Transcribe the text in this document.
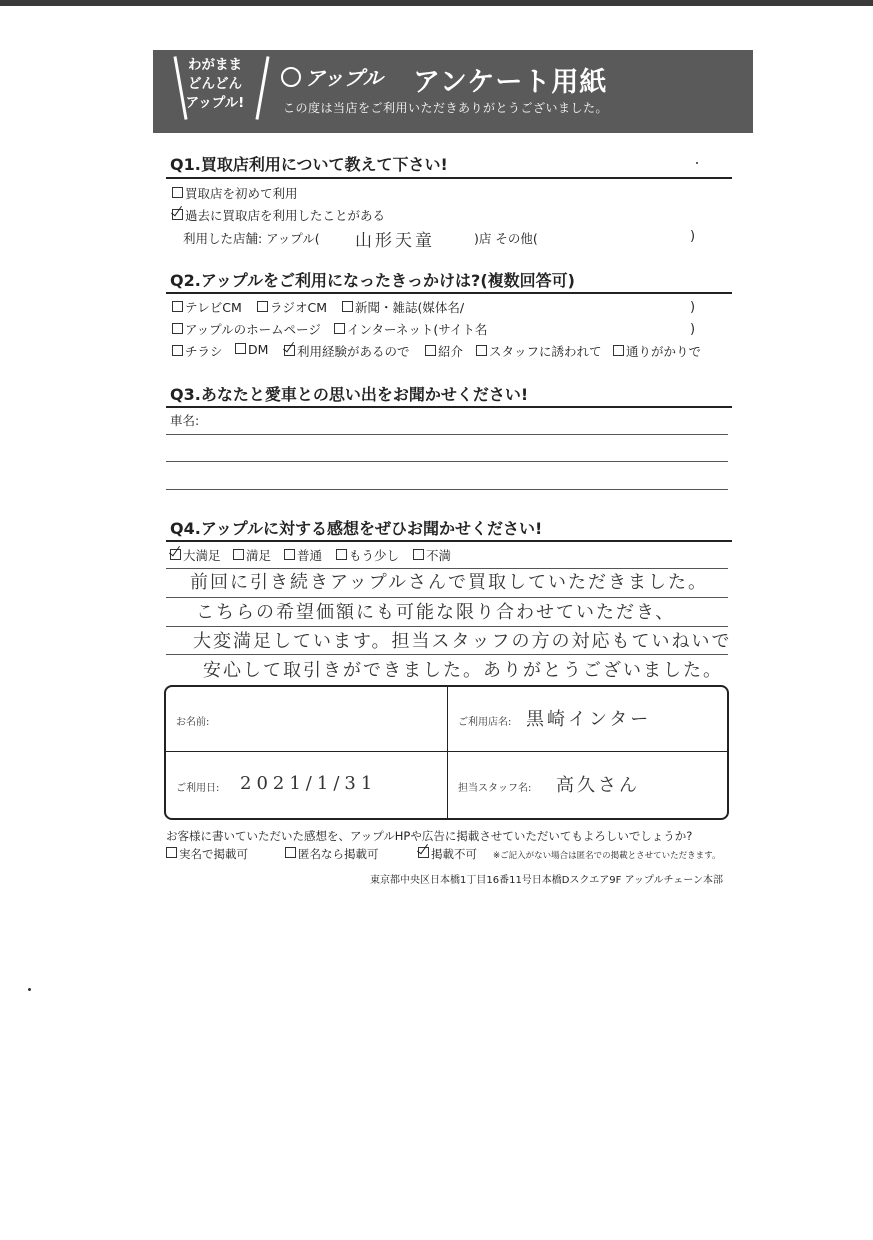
わがまま
どんどん
アップル!
アップル アンケート用紙
この度は当店をご利用いただきありがとうございました。
Q1.買取店利用について教えて下さい!
買取店を初めて利用
過去に買取店を利用したことがある
利用した店舗: アップル( 山形天童	)店 その他(	)
Q2.アップルをご利用になったきっかけは?(複数回答可)
テレビCM	ラジオCM	新聞・雑誌(媒体名/	)
アップルのホームページ	インターネット(サイト名	)
チラシ	DM	利用経験があるので	紹介	スタッフに誘われて	通りがかりで
Q3.あなたと愛車との思い出をお聞かせください!
車名:
Q4.アップルに対する感想をぜひお聞かせください!
大満足	満足	普通	もう少し	不満
前回に引き続きアップルさんで買取していただきました。
こちらの希望価額にも可能な限り合わせていただき、
大変満足しています。担当スタッフの方の対応もていねいで
安心して取引きができました。ありがとうございました。
お名前:	ご利用店名: 黒崎インター
ご利用日: 2021/1/31	担当スタッフ名: 高久さん
お客様に書いていただいた感想を、アップルHPや広告に掲載させていただいてもよろしいでしょうか?
実名で掲載可	匿名なら掲載可	掲載不可 ※ご記入がない場合は匿名での掲載とさせていただきます。
東京都中央区日本橋1丁目16番11号日本橋Dスクエア9F アップルチェーン本部
